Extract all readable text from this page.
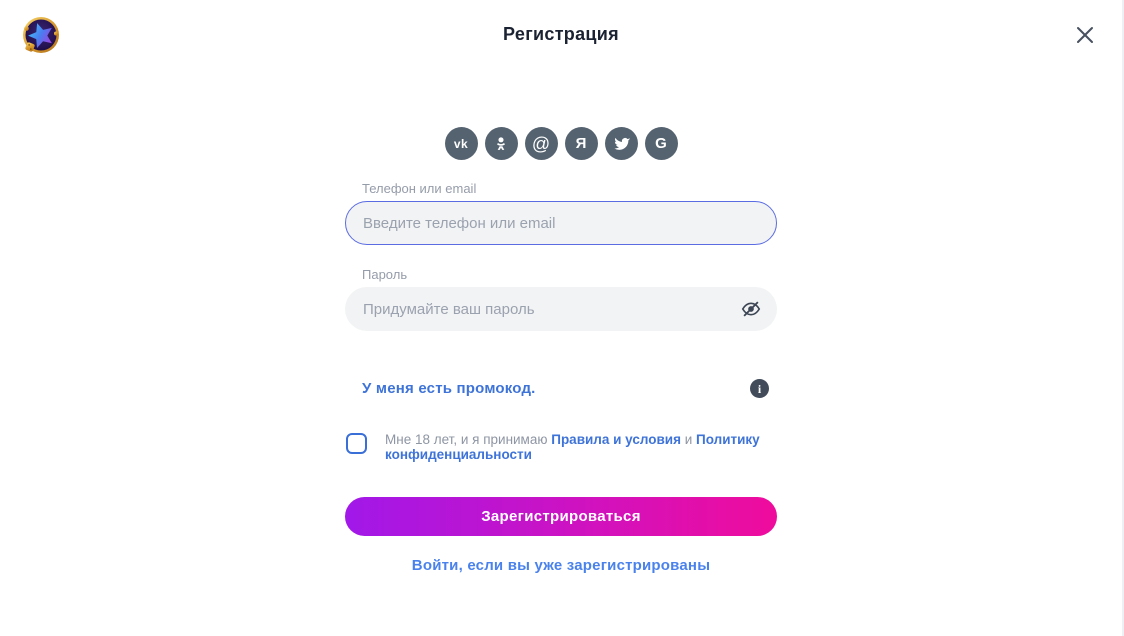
Регистрация
vk	@ Я	G
Телефон или email
Введите телефон или email
Пароль
У меня есть промокод.	i
Мне 18 лет, и я принимаю Правила и условия и Политику конфиденциальности
Зарегистрироваться
Войти, если вы уже зарегистрированы
